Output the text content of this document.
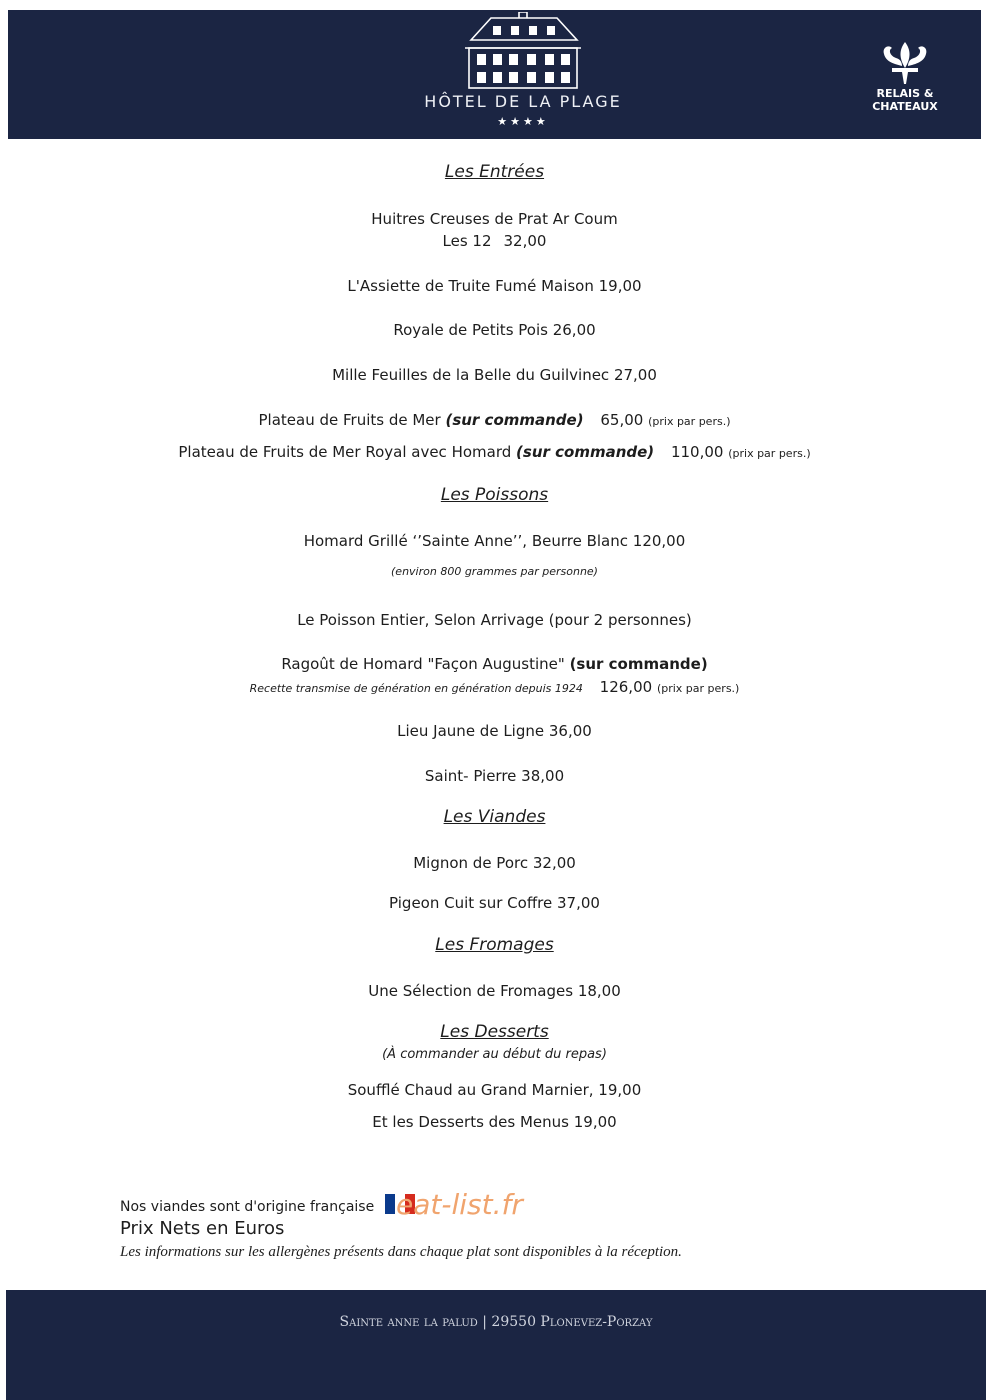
HÔTEL DE LA PLAGE
★★★★
RELAIS &
CHATEAUX
Les Entrées
Huitres Creuses de Prat Ar Coum
Les 12 32,00
L'Assiette de Truite Fumé Maison 19,00
Royale de Petits Pois 26,00
Mille Feuilles de la Belle du Guilvinec 27,00
Plateau de Fruits de Mer (sur commande) 65,00 (prix par pers.)
Plateau de Fruits de Mer Royal avec Homard (sur commande) 110,00 (prix par pers.)
Les Poissons
Homard Grillé ‘’Sainte Anne’’, Beurre Blanc 120,00
(environ 800 grammes par personne)
Le Poisson Entier, Selon Arrivage (pour 2 personnes)
Ragoût de Homard "Façon Augustine" (sur commande)
Recette transmise de génération en génération depuis 1924 126,00 (prix par pers.)
Lieu Jaune de Ligne 36,00
Saint- Pierre 38,00
Les Viandes
Mignon de Porc 32,00
Pigeon Cuit sur Coffre 37,00
Les Fromages
Une Sélection de Fromages 18,00
Les Desserts
(À commander au début du repas)
Soufflé Chaud au Grand Marnier, 19,00
Et les Desserts des Menus 19,00
Nos viandes sont d'origine française eat-list.fr
Prix Nets en Euros
Les informations sur les allergènes présents dans chaque plat sont disponibles à la réception.
Sainte anne la palud | 29550 Plonevez-Porzay
